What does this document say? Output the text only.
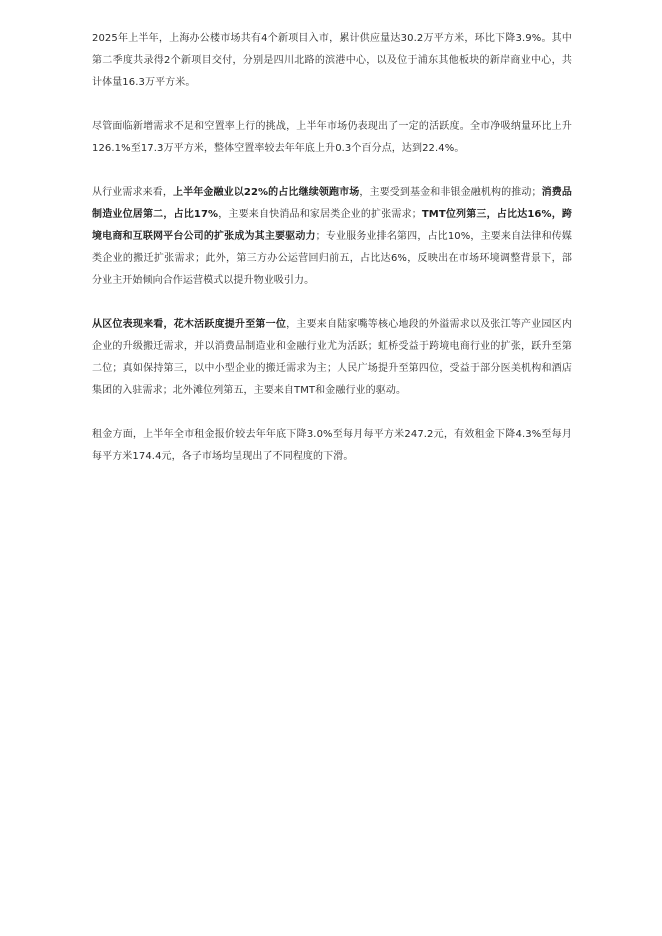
2025年上半年，上海办公楼市场共有4个新项目入市，累计供应量达30.2万平方米，环比下降3.9%。其中第二季度共录得2个新项目交付，分别是四川北路的滨港中心，以及位于浦东其他板块的新岸商业中心，共计体量16.3万平方米。

尽管面临新增需求不足和空置率上行的挑战，上半年市场仍表现出了一定的活跃度。全市净吸纳量环比上升126.1%至17.3万平方米，整体空置率较去年年底上升0.3个百分点，达到22.4%。

从行业需求来看，上半年金融业以22%的占比继续领跑市场，主要受到基金和非银金融机构的推动；消费品制造业位居第二，占比17%，主要来自快消品和家居类企业的扩张需求；TMT位列第三，占比达16%，跨境电商和互联网平台公司的扩张成为其主要驱动力；专业服务业排名第四，占比10%，主要来自法律和传媒类企业的搬迁扩张需求；此外，第三方办公运营回归前五，占比达6%，反映出在市场环境调整背景下，部分业主开始倾向合作运营模式以提升物业吸引力。

从区位表现来看，花木活跃度提升至第一位，主要来自陆家嘴等核心地段的外溢需求以及张江等产业园区内企业的升级搬迁需求，并以消费品制造业和金融行业尤为活跃；虹桥受益于跨境电商行业的扩张，跃升至第二位；真如保持第三，以中小型企业的搬迁需求为主；人民广场提升至第四位，受益于部分医美机构和酒店集团的入驻需求；北外滩位列第五，主要来自TMT和金融行业的驱动。

租金方面，上半年全市租金报价较去年年底下降3.0%至每月每平方米247.2元，有效租金下降4.3%至每月每平方米174.4元，各子市场均呈现出了不同程度的下滑。
